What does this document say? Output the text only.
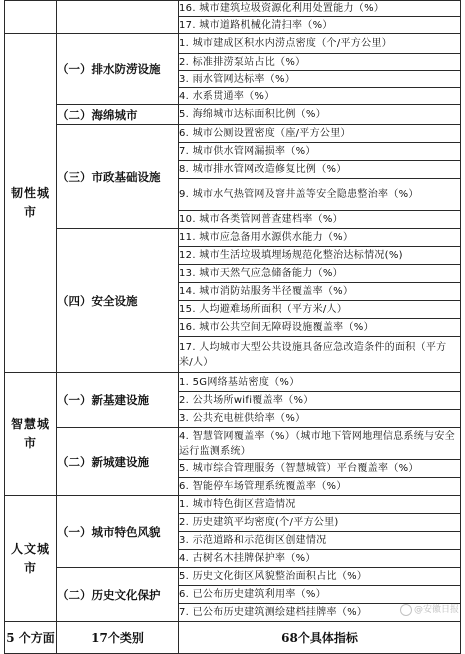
		16. 城市建筑垃圾资源化利用处置能力（%）
		17. 城市道路机械化清扫率（%）
韧性城市	（一）排水防涝设施	1. 城市建成区积水内涝点密度（个/平方公里）
		2. 标准排涝泵站占比（%）
		3. 雨水管网达标率（%）
		4. 水系贯通率（%）
	（二）海绵城市	5. 海绵城市达标面积比例（%）
	（三）市政基础设施	6. 城市公厕设置密度（座/平方公里）
		7. 城市供水管网漏损率（%）
		8. 城市排水管网改造修复比例（%）
		9. 城市水气热管网及窨井盖等安全隐患整治率（%）
		10. 城市各类管网普查建档率（%）
	（四）安全设施	11. 城市应急备用水源供水能力（%）
		12. 城市生活垃圾填埋场规范化整治达标情况(%)
		13. 城市天然气应急储备能力（%）
		14. 城市消防站服务半径覆盖率（%）
		15. 人均避难场所面积（平方米/人）
		16. 城市公共空间无障碍设施覆盖率（%）
		17. 人均城市大型公共设施具备应急改造条件的面积（平方米/人）
智慧城市	（一）新基建设施	1. 5G网络基站密度（%）
		2. 公共场所wifi覆盖率（%）
		3. 公共充电桩供给率（%）
	（二）新城建设施	4. 智慧管网覆盖率（%）（城市地下管网地理信息系统与安全运行监测系统）
		5. 城市综合管理服务（智慧城管）平台覆盖率（%）
		6. 智能停车场管理系统覆盖率（%）
人文城市	（一）城市特色风貌	1. 城市特色街区营造情况
		2. 历史建筑平均密度(个/平方公里)
		3. 示范道路和示范街区创建情况
		4. 古树名木挂牌保护率（%）
	（二）历史文化保护	5. 历史文化街区风貌整治面积占比（%）
		6. 已公布历史建筑利用率（%）
		7. 已公布历史建筑测绘建档挂牌率（%）
5 个方面	17个类别	68个具体指标
@安徽日报
